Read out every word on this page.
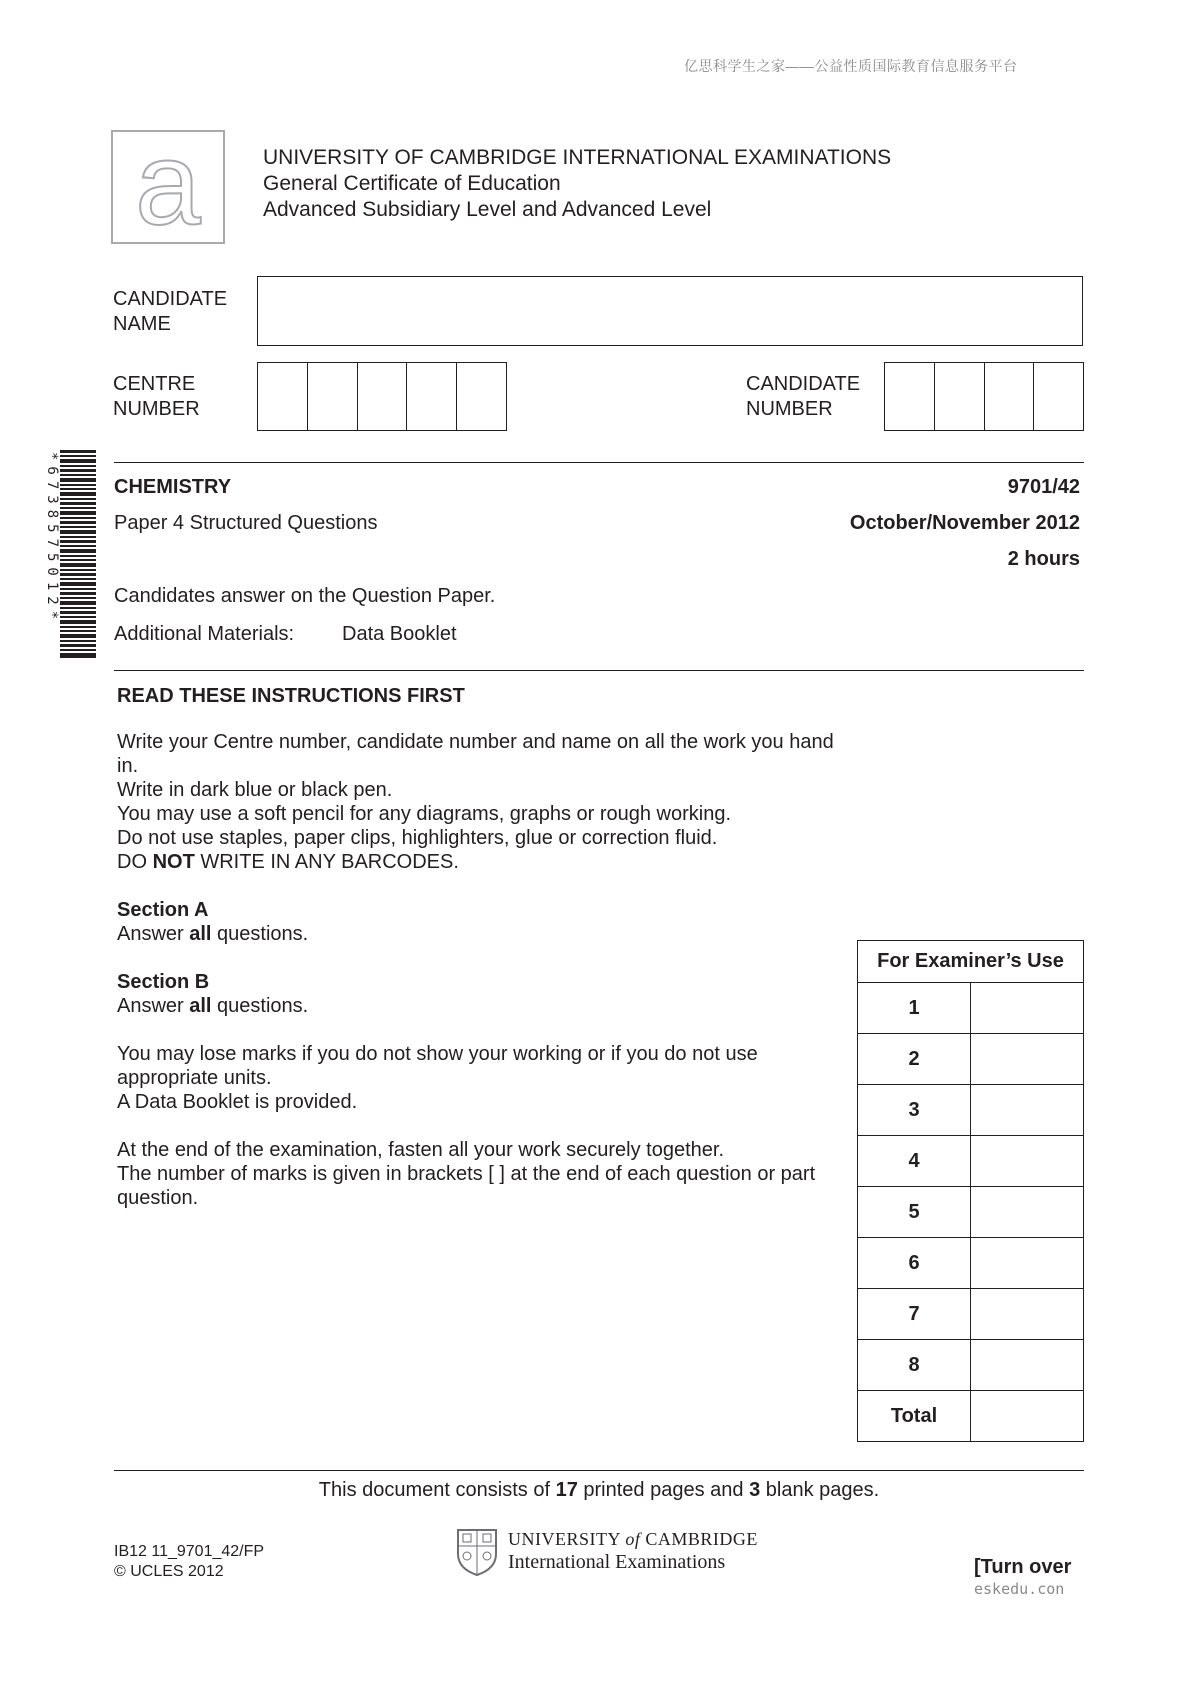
亿思科学生之家——公益性质国际教育信息服务平台
a	UNIVERSITY OF CAMBRIDGE INTERNATIONAL EXAMINATIONS
General Certificate of Education
Advanced Subsidiary Level and Advanced Level
CANDIDATE
NAME
CENTRE
NUMBER
CANDIDATE
NUMBER
*6738575012*	CHEMISTRY	9701/42
Paper 4 Structured Questions	October/November 2012
2 hours
Candidates answer on the Question Paper.
Additional Materials: Data Booklet
READ THESE INSTRUCTIONS FIRST

Write your Centre number, candidate number and name on all the work you hand in.
Write in dark blue or black pen.
You may use a soft pencil for any diagrams, graphs or rough working.
Do not use staples, paper clips, highlighters, glue or correction fluid.
DO NOT WRITE IN ANY BARCODES.

Section A
Answer all questions.

Section B
Answer all questions.

You may lose marks if you do not show your working or if you do not use
appropriate units.
A Data Booklet is provided.

At the end of the examination, fasten all your work securely together.
The number of marks is given in brackets [ ] at the end of each question or part
question.

For Examiner’s Use	
1	
2	
3	
4	
5	
6	
7	
8	
Total	
This document consists of 17 printed pages and 3 blank pages.
IB12 11_9701_42/FP
© UCLES 2012
UNIVERSITY of CAMBRIDGE
International Examinations	[Turn over
eskedu.con
